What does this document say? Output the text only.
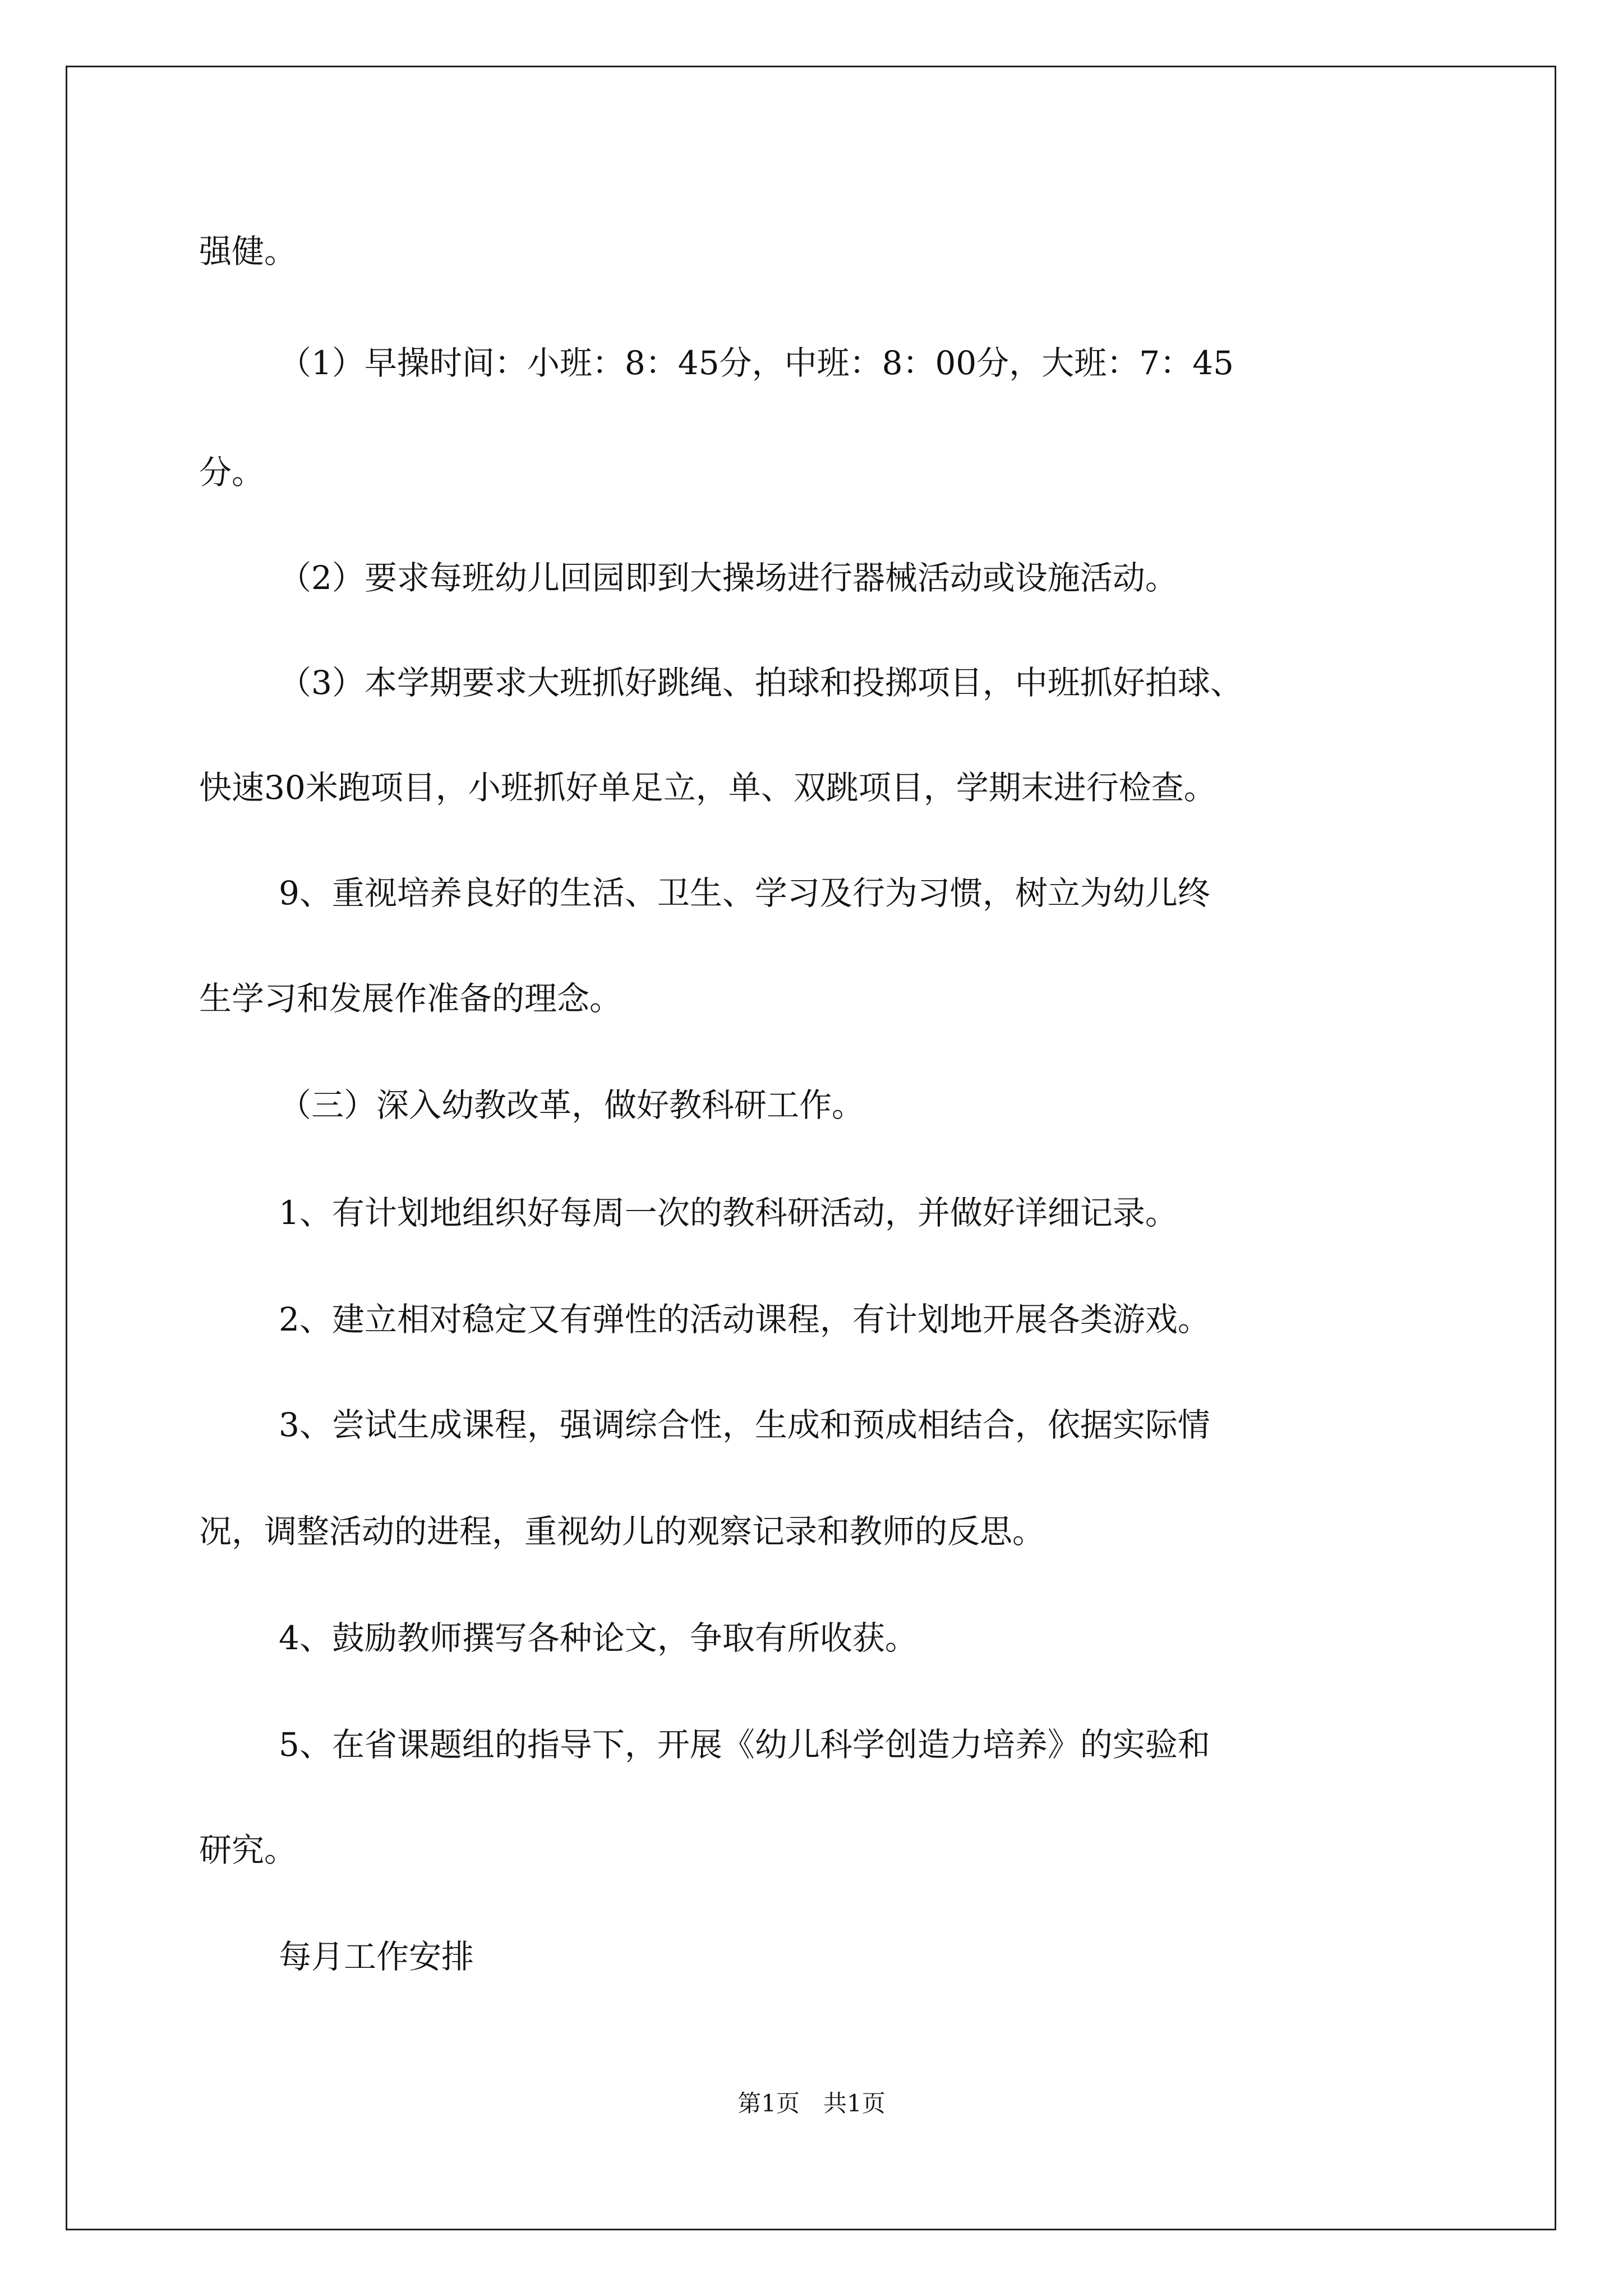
强健。

（1）早操时间：小班：8：45分，中班：8：00分，大班：7：45

分。

（2）要求每班幼儿回园即到大操场进行器械活动或设施活动。

（3）本学期要求大班抓好跳绳、拍球和投掷项目，中班抓好拍球、

快速30米跑项目，小班抓好单足立，单、双跳项目，学期末进行检查。

9、重视培养良好的生活、卫生、学习及行为习惯，树立为幼儿终

生学习和发展作准备的理念。

（三）深入幼教改革，做好教科研工作。

1、有计划地组织好每周一次的教科研活动，并做好详细记录。

2、建立相对稳定又有弹性的活动课程，有计划地开展各类游戏。

3、尝试生成课程，强调综合性，生成和预成相结合，依据实际情

况，调整活动的进程，重视幼儿的观察记录和教师的反思。

4、鼓励教师撰写各种论文，争取有所收获。

5、在省课题组的指导下，开展《幼儿科学创造力培养》的实验和

研究。

每月工作安排

第1页　共1页
